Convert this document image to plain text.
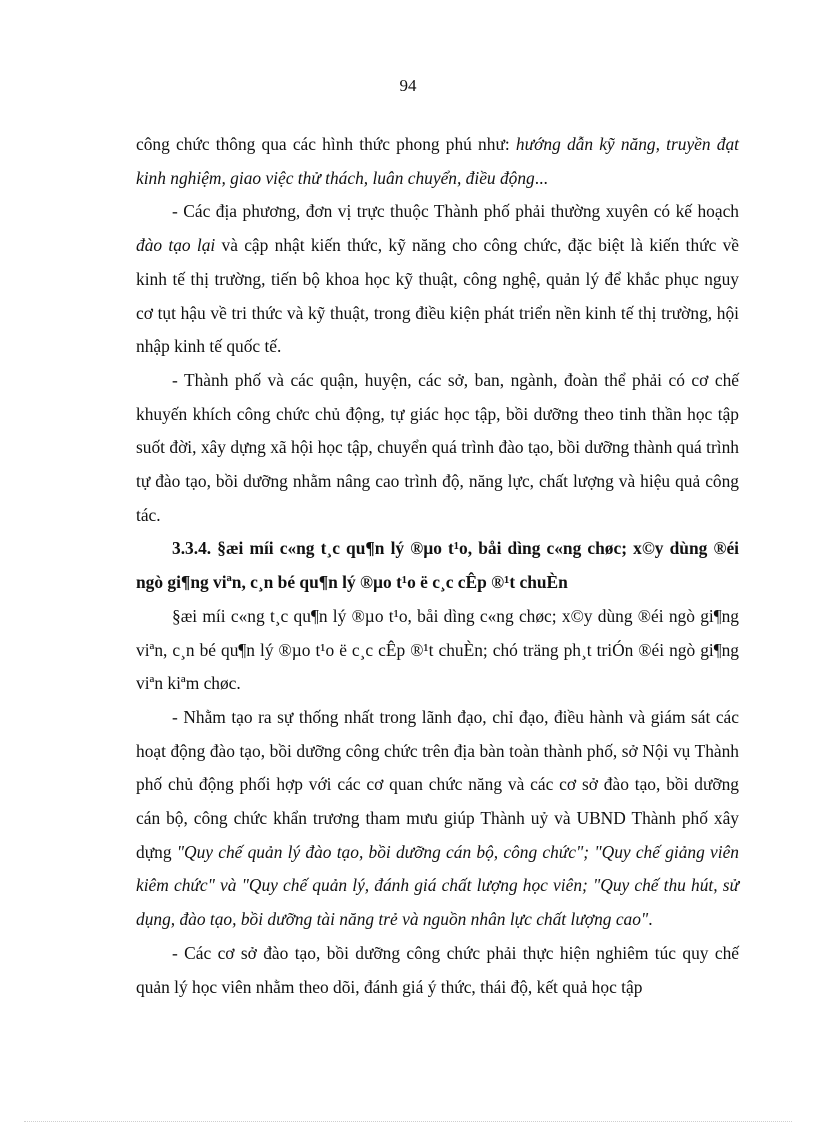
94

công chức thông qua các hình thức phong phú như: hướng dẫn kỹ năng, truyền đạt kinh nghiệm, giao việc thử thách, luân chuyển, điều động...

- Các địa phương, đơn vị trực thuộc Thành phố phải thường xuyên có kế hoạch đào tạo lại và cập nhật kiến thức, kỹ năng cho công chức, đặc biệt là kiến thức về kinh tế thị trường, tiến bộ khoa học kỹ thuật, công nghệ, quản lý để khắc phục nguy cơ tụt hậu về tri thức và kỹ thuật, trong điều kiện phát triển nền kinh tế thị trường, hội nhập kinh tế quốc tế.

- Thành phố và các quận, huyện, các sở, ban, ngành, đoàn thể phải có cơ chế khuyến khích công chức chủ động, tự giác học tập, bồi dưỡng theo tinh thần học tập suốt đời, xây dựng xã hội học tập, chuyển quá trình đào tạo, bồi dưỡng thành quá trình tự đào tạo, bồi dưỡng nhằm nâng cao trình độ, năng lực, chất lượng và hiệu quả công tác.

3.3.4. §æi míi c«ng t¸c qu¶n lý ®µo t¹o, båi dìng c«ng chøc; x©y dùng ®éi ngò gi¶ng viªn, c¸n bé qu¶n lý ®µo t¹o ë c¸c cÊp ®¹t chuÈn

§æi míi c«ng t¸c qu¶n lý ®µo t¹o, båi dìng c«ng chøc; x©y dùng ®éi ngò gi¶ng viªn, c¸n bé qu¶n lý ®µo t¹o ë c¸c cÊp ®¹t chuÈn; chó träng ph¸t triÓn ®éi ngò gi¶ng viªn kiªm chøc.

- Nhằm tạo ra sự thống nhất trong lãnh đạo, chỉ đạo, điều hành và giám sát các hoạt động đào tạo, bồi dưỡng công chức trên địa bàn toàn thành phố, sở Nội vụ Thành phố chủ động phối hợp với các cơ quan chức năng và các cơ sở đào tạo, bồi dưỡng cán bộ, công chức khẩn trương tham mưu giúp Thành uỷ và UBND Thành phố xây dựng "Quy chế quản lý đào tạo, bồi dưỡng cán bộ, công chức"; "Quy chế giảng viên kiêm chức" và "Quy chế quản lý, đánh giá chất lượng học viên; "Quy chế thu hút, sử dụng, đào tạo, bồi dưỡng tài năng trẻ và nguồn nhân lực chất lượng cao".

- Các cơ sở đào tạo, bồi dưỡng công chức phải thực hiện nghiêm túc quy chế quản lý học viên nhằm theo dõi, đánh giá ý thức, thái độ, kết quả học tập
